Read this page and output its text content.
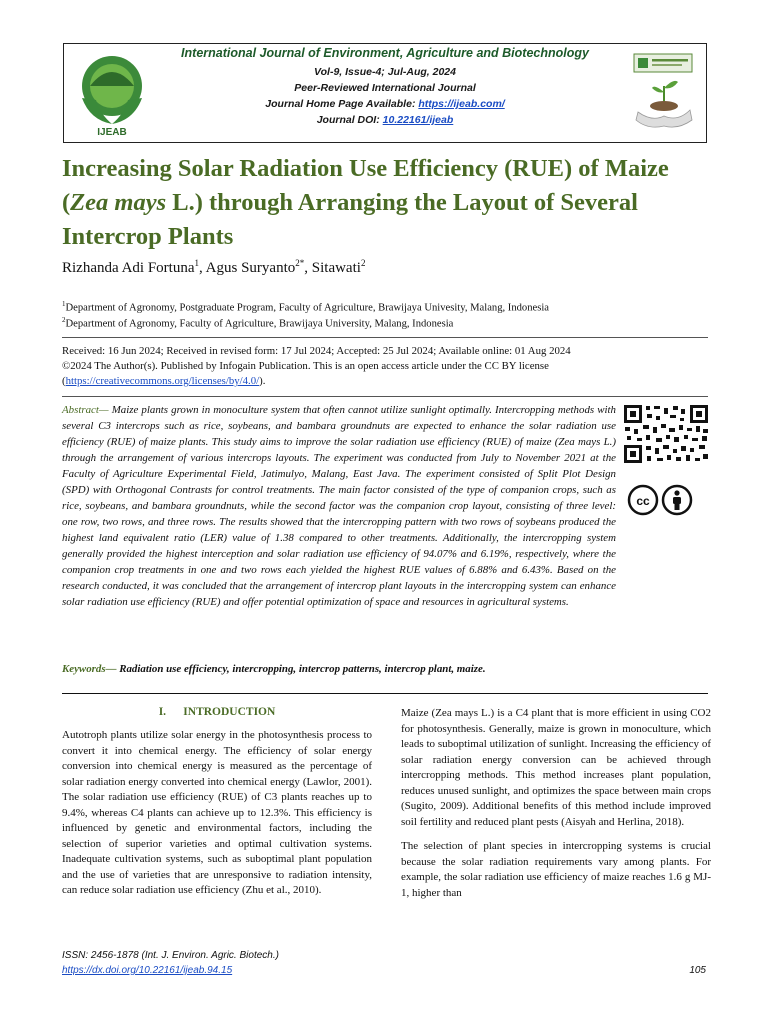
IJEAB
International Journal of Environment, Agriculture and Biotechnology
Vol-9, Issue-4; Jul-Aug, 2024
Peer-Reviewed International Journal
Journal Home Page Available: https://ijeab.com/
Journal DOI: 10.22161/ijeab
Increasing Solar Radiation Use Efficiency (RUE) of Maize (Zea mays L.) through Arranging the Layout of Several Intercrop Plants
Rizhanda Adi Fortuna$^1$, Agus Suryanto$^{2*}$, Sitawati$^2$
$^1$Department of Agronomy, Postgraduate Program, Faculty of Agriculture, Brawijaya Univesity, Malang, Indonesia
$^2$Department of Agronomy, Faculty of Agriculture, Brawijaya University, Malang, Indonesia
Received: 16 Jun 2024; Received in revised form: 17 Jul 2024; Accepted: 25 Jul 2024; Available online: 01 Aug 2024
©2024 The Author(s). Published by Infogain Publication. This is an open access article under the CC BY license
(https://creativecommons.org/licenses/by/4.0/).
Abstract— Maize plants grown in monoculture system that often cannot utilize sunlight optimally. Intercropping methods with several C3 intercrops such as rice, soybeans, and bambara groundnuts are expected to enhance the solar radiation use efficiency (RUE) of maize plants. This study aims to improve the solar radiation use efficiency (RUE) of maize (Zea mays L.) through the arrangement of various intercrops layouts. The experiment was conducted from July to November 2021 at the Faculty of Agriculture Experimental Field, Jatimulyo, Malang, East Java. The experiment consisted of Split Plot Design (SPD) with Orthogonal Contrasts for control treatments. The main factor consisted of the type of companion crops, such as rice, soybeans, and bambara groundnuts, while the second factor was the companion crop layout, consisting of three level: one row, two rows, and three rows. The results showed that the intercropping pattern with two rows of soybeans produced the highest land equivalent ratio (LER) value of 1.38 compared to other treatments. Additionally, the intercropping system generally provided the highest interception and solar radiation use efficiency of 94.07% and 6.19%, respectively, where the companion crop treatments in one and two rows each yielded the highest RUE values of 6.88% and 6.43%. Based on the research conducted, it was concluded that the arrangement of intercrop plant layouts in the intercropping system can enhance solar radiation use efficiency (RUE) and offer potential optimization of space and resources in agricultural systems.
cc
Keywords— Radiation use efficiency, intercropping, intercrop patterns, intercrop plant, maize.
I.      INTRODUCTION

Autotroph plants utilize solar energy in the photosynthesis process to convert it into chemical energy. The efficiency of solar energy conversion into chemical energy is measured as the percentage of solar radiation energy converted into chemical energy (Lawlor, 2001). The solar radiation use efficiency (RUE) of C3 plants reaches up to 9.4%, whereas C4 plants can achieve up to 12.3%. This efficiency is influenced by genetic and environmental factors, including the selection of superior varieties and optimal cultivation systems. Inadequate cultivation systems, such as suboptimal plant population and the use of varieties that are unresponsive to radiation intensity, can reduce solar radiation use efficiency (Zhu et al., 2010).

Maize (Zea mays L.) is a C4 plant that is more efficient in using CO2 for photosynthesis. Generally, maize is grown in monoculture, which leads to suboptimal utilization of sunlight. Increasing the efficiency of solar radiation energy conversion can be achieved through intercropping methods. This method increases plant population, reduces unused sunlight, and optimizes the space between main crops (Sugito, 2009). Additional benefits of this method include improved soil fertility and reduced plant pests (Aisyah and Herlina, 2018).

The selection of plant species in intercropping systems is crucial because the solar radiation requirements vary among plants. For example, the solar radiation use efficiency of maize reaches 1.6 g MJ-1, higher than

ISSN: 2456-1878 (Int. J. Environ. Agric. Biotech.)
https://dx.doi.org/10.22161/ijeab.94.15	105
